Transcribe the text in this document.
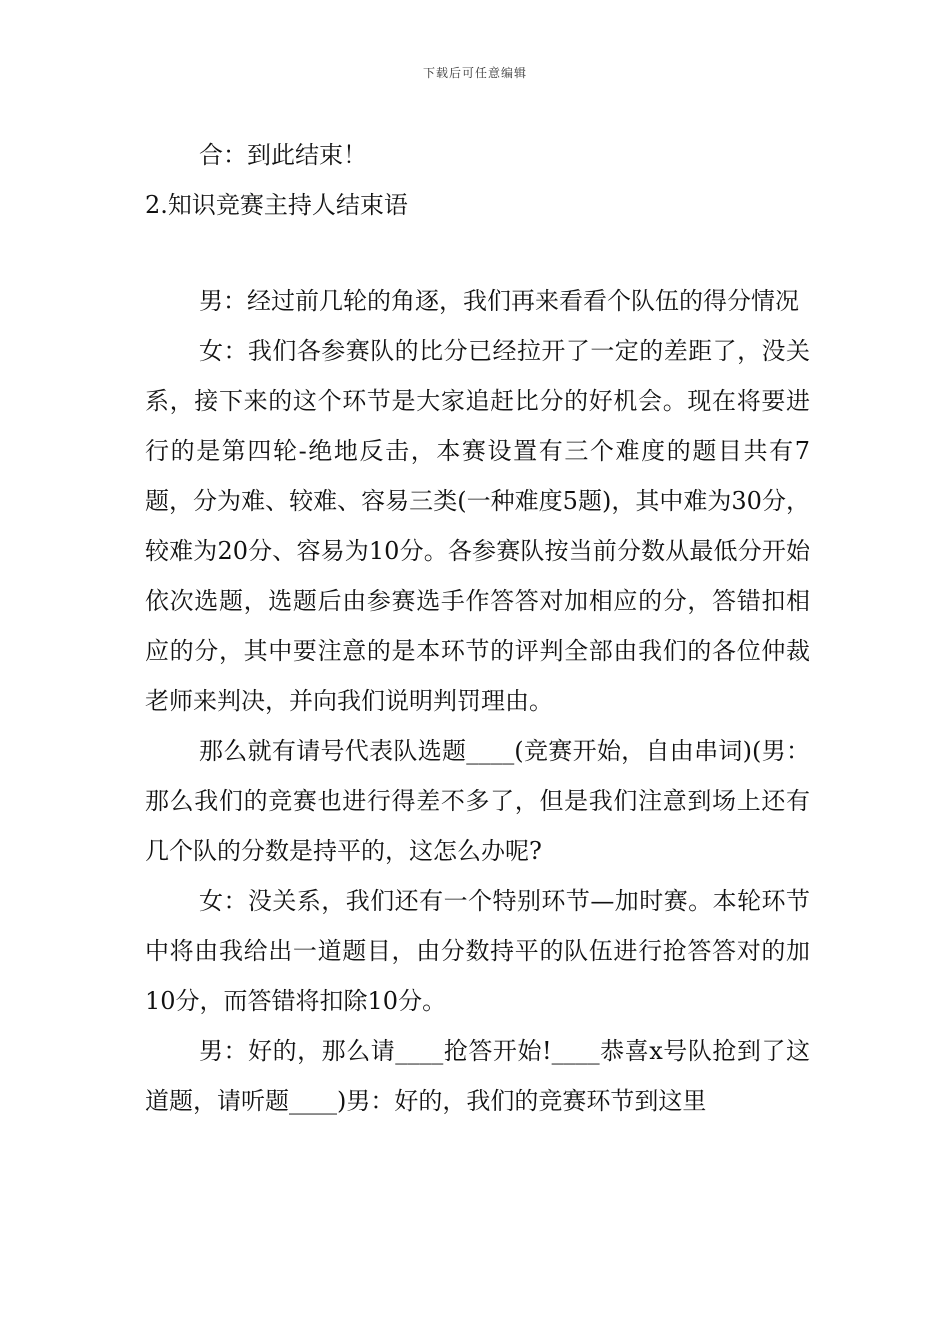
下载后可任意编辑

合：到此结束！

2.知识竞赛主持人结束语

男：经过前几轮的角逐，我们再来看看个队伍的得分情况

女：我们各参赛队的比分已经拉开了一定的差距了，没关系，接下来的这个环节是大家追赶比分的好机会。现在将要进行的是第四轮-绝地反击，本赛设置有三个难度的题目共有7题，分为难、较难、容易三类(一种难度5题)，其中难为30分，较难为20分、容易为10分。各参赛队按当前分数从最低分开始依次选题，选题后由参赛选手作答答对加相应的分，答错扣相应的分，其中要注意的是本环节的评判全部由我们的各位仲裁老师来判决，并向我们说明判罚理由。

那么就有请号代表队选题____(竞赛开始，自由串词)(男：那么我们的竞赛也进行得差不多了，但是我们注意到场上还有几个队的分数是持平的，这怎么办呢?

女：没关系，我们还有一个特别环节—加时赛。本轮环节中将由我给出一道题目，由分数持平的队伍进行抢答答对的加10分，而答错将扣除10分。

男：好的，那么请____抢答开始!____恭喜x号队抢到了这道题，请听题____)男：好的，我们的竞赛环节到这里
